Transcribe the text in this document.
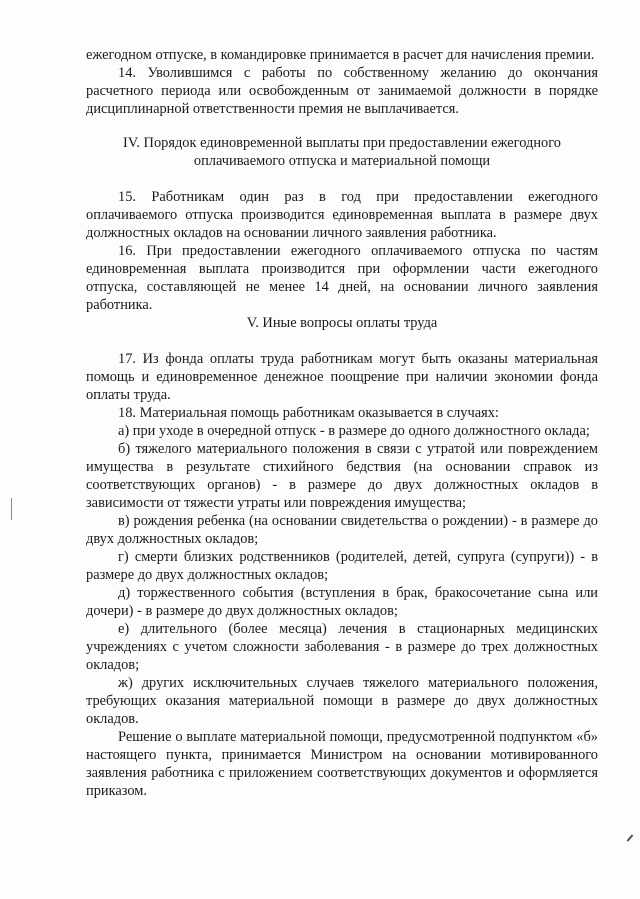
ежегодном отпуске, в командировке принимается в расчет для начисления премии.

14. Уволившимся с работы по собственному желанию до окончания расчетного периода или освобожденным от занимаемой должности в порядке дисциплинарной ответственности премия не выплачивается.

IV. Порядок единовременной выплаты при предоставлении ежегодного оплачиваемого отпуска и материальной помощи

15. Работникам один раз в год при предоставлении ежегодного оплачиваемого отпуска производится единовременная выплата в размере двух должностных окладов на основании личного заявления работника.

16. При предоставлении ежегодного оплачиваемого отпуска по частям единовременная выплата производится при оформлении части ежегодного отпуска, составляющей не менее 14 дней, на основании личного заявления работника.

V. Иные вопросы оплаты труда

17. Из фонда оплаты труда работникам могут быть оказаны материальная помощь и единовременное денежное поощрение при наличии экономии фонда оплаты труда.

18. Материальная помощь работникам оказывается в случаях:

а) при уходе в очередной отпуск - в размере до одного должностного оклада;

б) тяжелого материального положения в связи с утратой или повреждением имущества в результате стихийного бедствия (на основании справок из соответствующих органов) - в размере до двух должностных окладов в зависимости от тяжести утраты или повреждения имущества;

в) рождения ребенка (на основании свидетельства о рождении) - в размере до двух должностных окладов;

г) смерти близких родственников (родителей, детей, супруга (супруги)) - в размере до двух должностных окладов;

д) торжественного события (вступления в брак, бракосочетание сына или дочери) - в размере до двух должностных окладов;

е) длительного (более месяца) лечения в стационарных медицинских учреждениях с учетом сложности заболевания - в размере до трех должностных окладов;

ж) других исключительных случаев тяжелого материального положения, требующих оказания материальной помощи в размере до двух должностных окладов.

Решение о выплате материальной помощи, предусмотренной подпунктом «б» настоящего пункта, принимается Министром на основании мотивированного заявления работника с приложением соответствующих документов и оформляется приказом.
